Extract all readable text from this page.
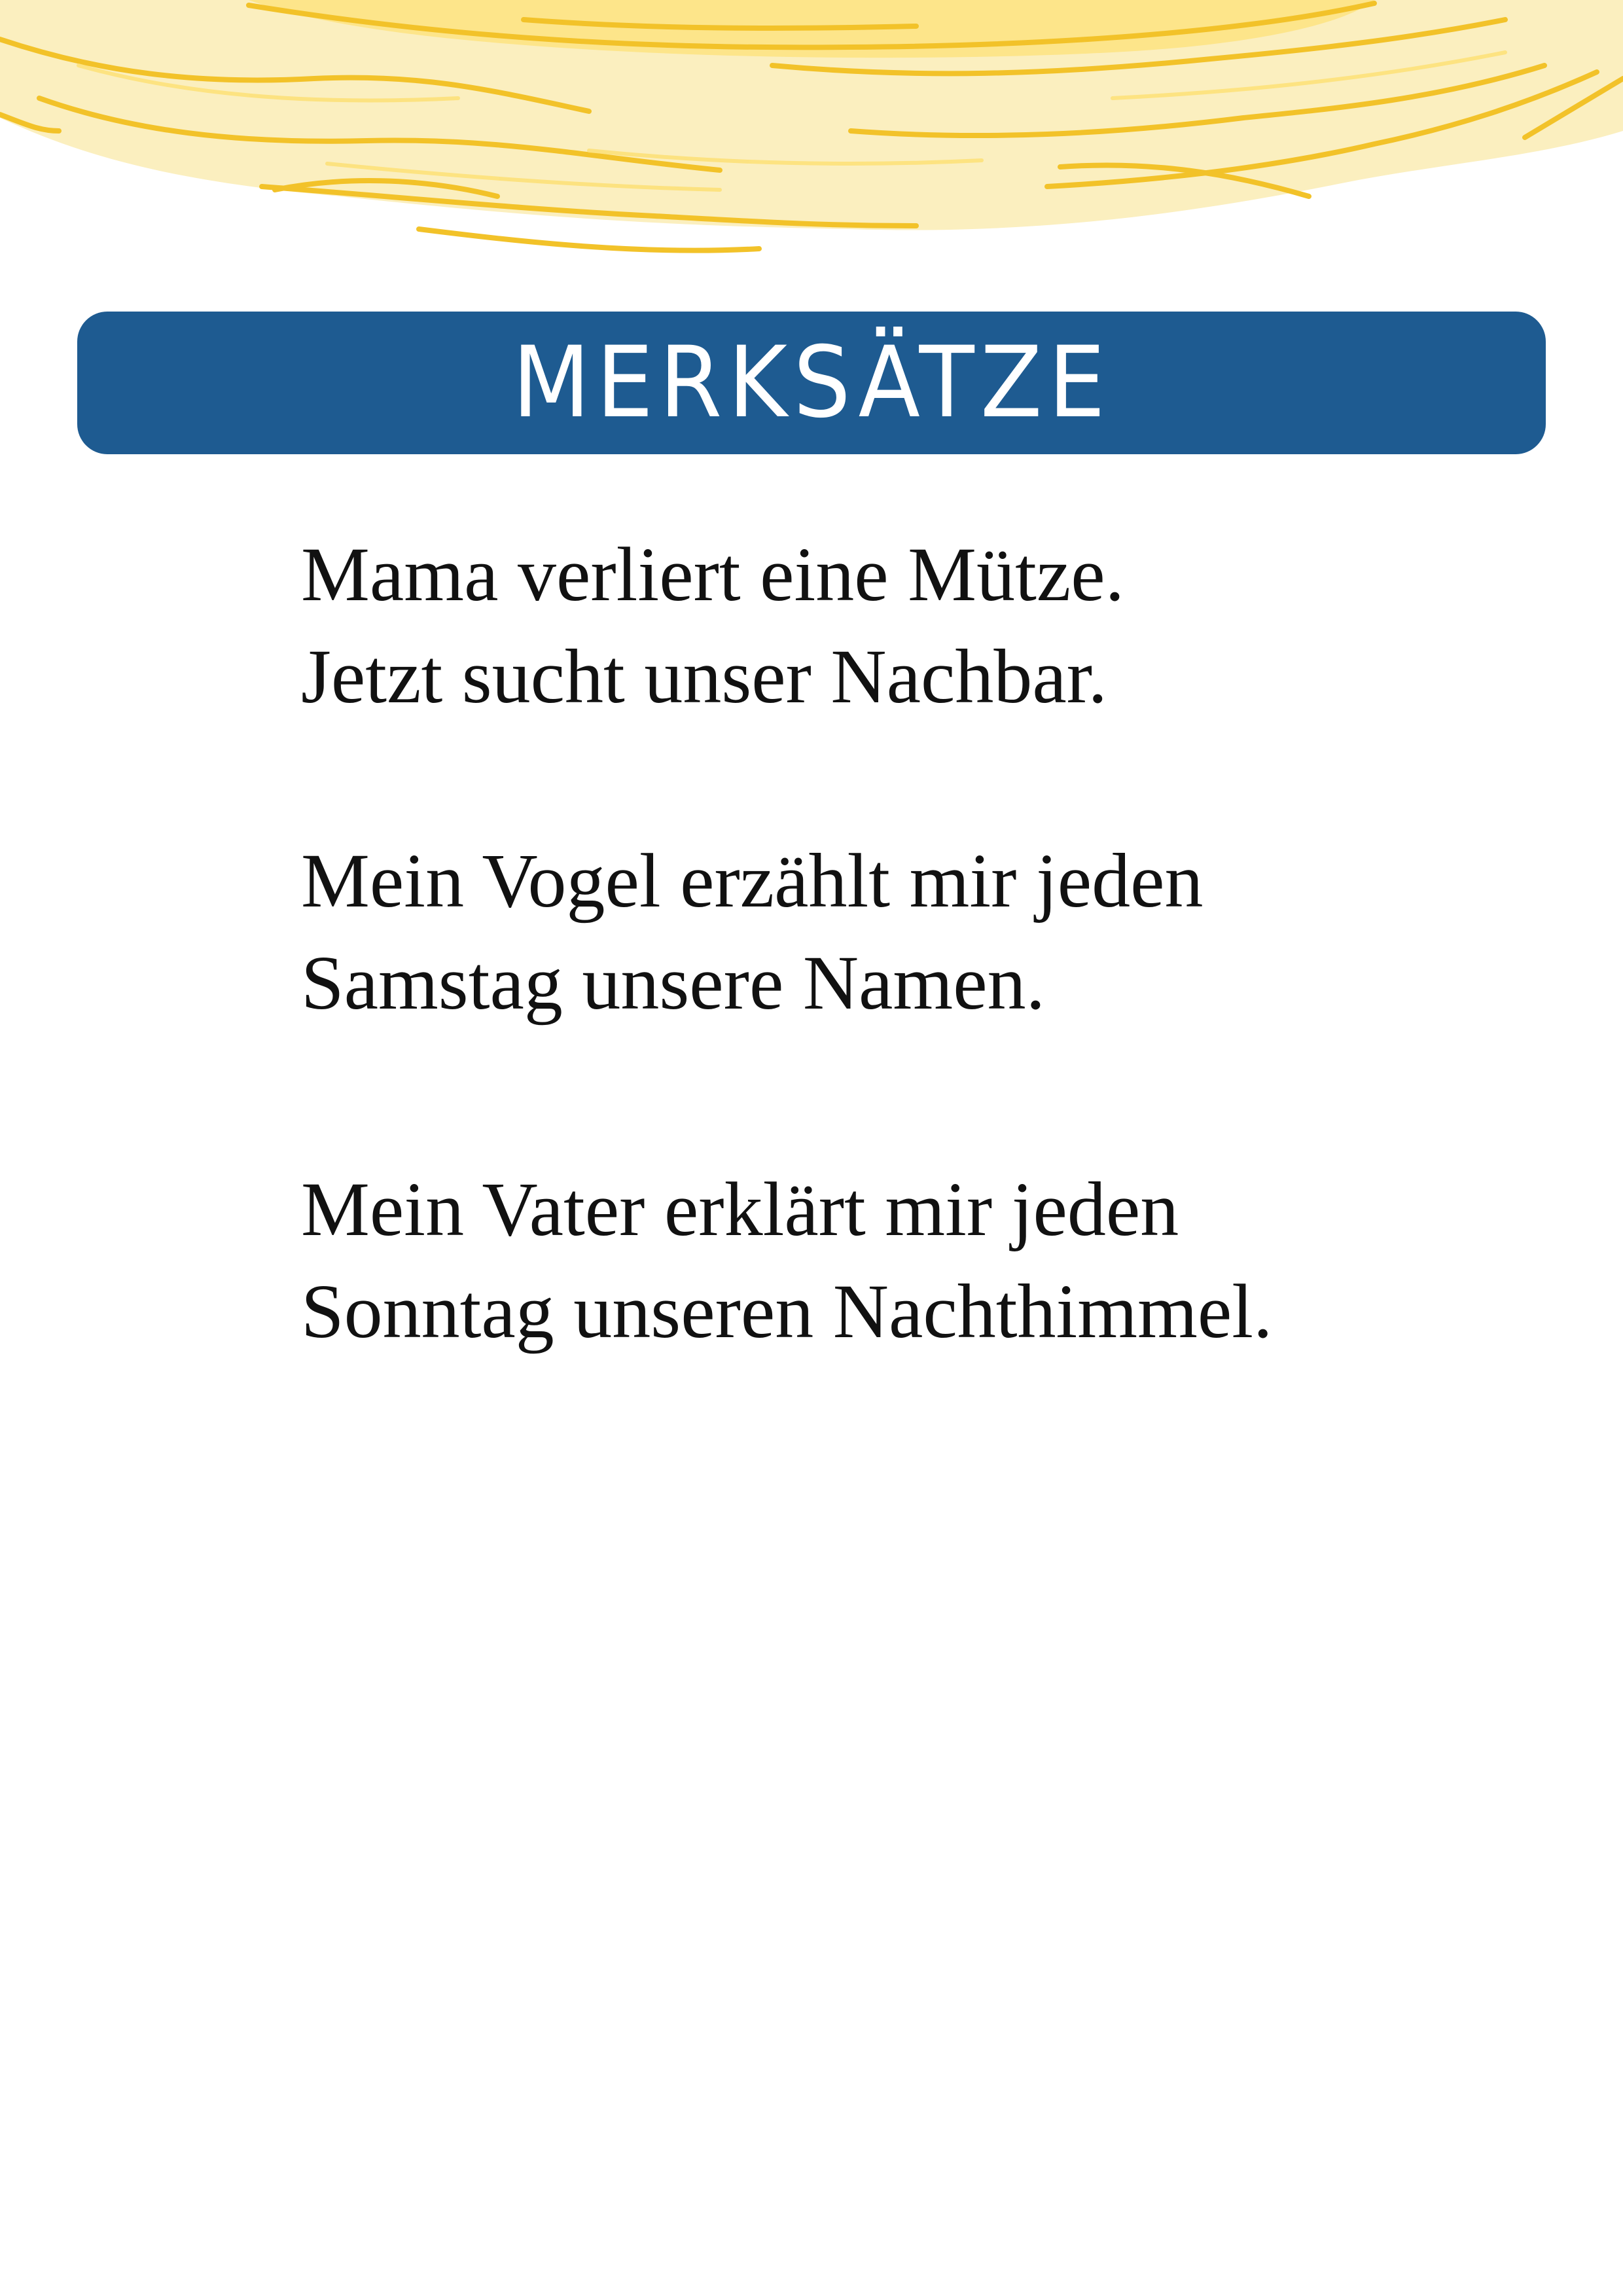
MERKSÄTZE

Mama verliert eine Mütze.
Jetzt sucht unser Nachbar.

Mein Vogel erzählt mir jeden
Samstag unsere Namen.

Mein Vater erklärt mir jeden
Sonntag unseren Nachthimmel.
